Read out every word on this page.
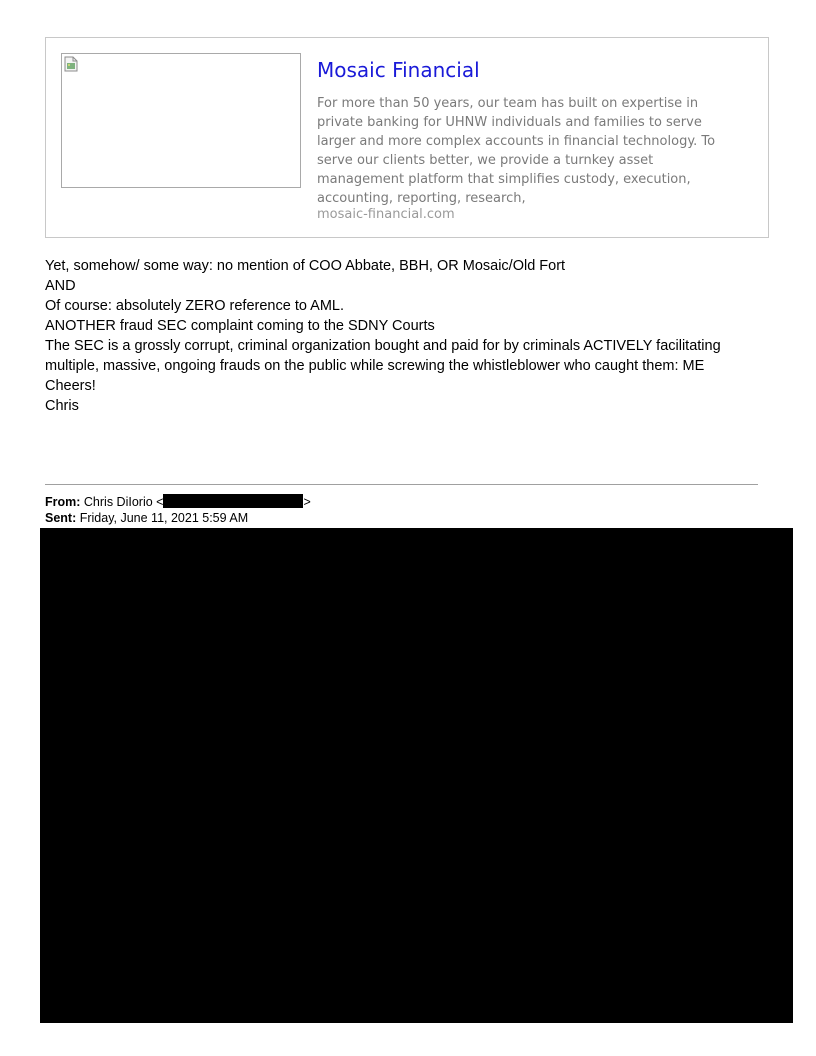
Mosaic Financial
For more than 50 years, our team has built on expertise in private banking for UHNW individuals and families to serve larger and more complex accounts in financial technology. To serve our clients better, we provide a turnkey asset management platform that simplifies custody, execution, accounting, reporting, research,
mosaic-financial.com
Yet, somehow/ some way: no mention of COO Abbate, BBH, OR Mosaic/Old Fort
AND
Of course: absolutely ZERO reference to AML.
ANOTHER fraud SEC complaint coming to the SDNY Courts
The SEC is a grossly corrupt, criminal organization bought and paid for by criminals ACTIVELY facilitating multiple, massive, ongoing frauds on the public while screwing the whistleblower who caught them: ME
Cheers!
Chris
From: Chris DiIorio <	>
Sent: Friday, June 11, 2021 5:59 AM
